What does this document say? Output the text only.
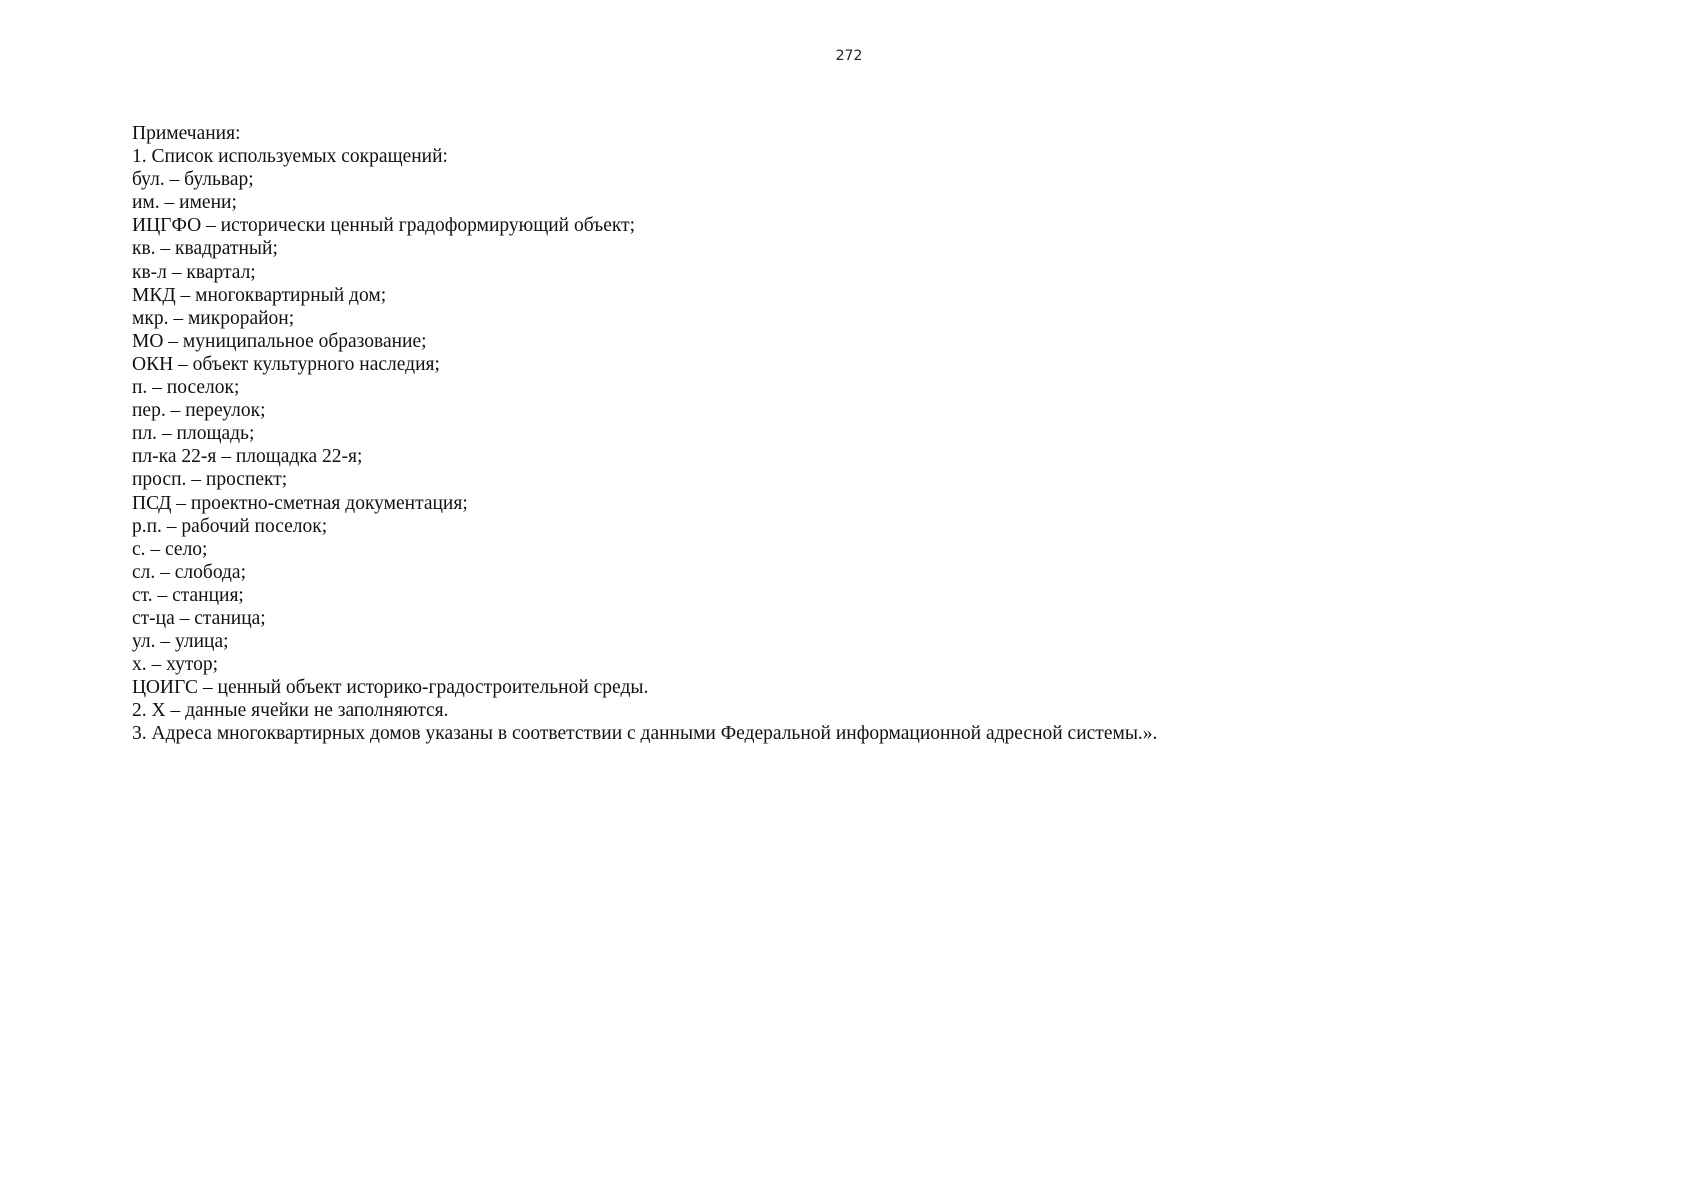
272
Примечания:
1. Список используемых сокращений:
бул. – бульвар;
им. – имени;
ИЦГФО – исторически ценный градоформирующий объект;
кв. – квадратный;
кв-л – квартал;
МКД – многоквартирный дом;
мкр. – микрорайон;
МО – муниципальное образование;
ОКН – объект культурного наследия;
п. – поселок;
пер. – переулок;
пл. – площадь;
пл-ка 22-я – площадка 22-я;
просп. – проспект;
ПСД – проектно-сметная документация;
р.п. – рабочий поселок;
с. – село;
сл. – слобода;
ст. – станция;
ст-ца – станица;
ул. – улица;
х. – хутор;
ЦОИГС – ценный объект историко-градостроительной среды.
2. Х – данные ячейки не заполняются.
3. Адреса многоквартирных домов указаны в соответствии с данными Федеральной информационной адресной системы.».
